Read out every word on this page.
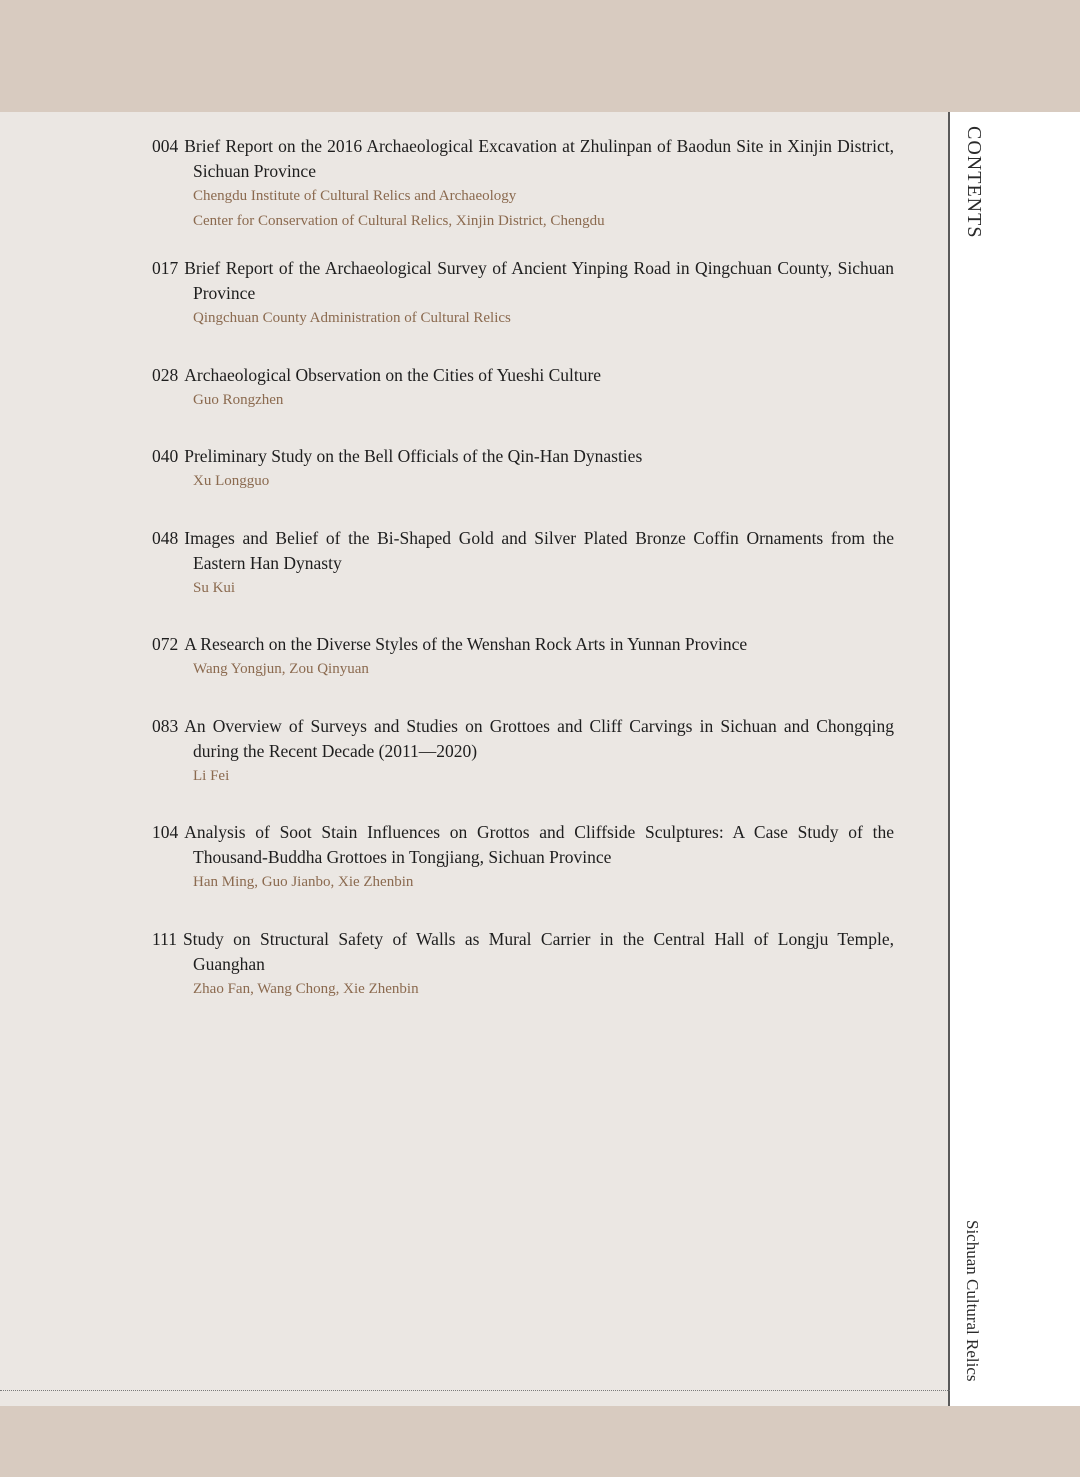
CONTENTS
Sichuan Cultural Relics
004 Brief Report on the 2016 Archaeological Excavation at Zhulinpan of Baodun Site in Xinjin District, Sichuan Province
Chengdu Institute of Cultural Relics and Archaeology
Center for Conservation of Cultural Relics, Xinjin District, Chengdu
017 Brief Report of the Archaeological Survey of Ancient Yinping Road in Qingchuan County, Sichuan Province
Qingchuan County Administration of Cultural Relics
028 Archaeological Observation on the Cities of Yueshi Culture
Guo Rongzhen
040 Preliminary Study on the Bell Officials of the Qin-Han Dynasties
Xu Longguo
048 Images and Belief of the Bi-Shaped Gold and Silver Plated Bronze Coffin Ornaments from the Eastern Han Dynasty
Su Kui
072 A Research on the Diverse Styles of the Wenshan Rock Arts in Yunnan Province
Wang Yongjun, Zou Qinyuan
083 An Overview of Surveys and Studies on Grottoes and Cliff Carvings in Sichuan and Chongqing during the Recent Decade (2011—2020)
Li Fei
104 Analysis of Soot Stain Influences on Grottos and Cliffside Sculptures: A Case Study of the Thousand-Buddha Grottoes in Tongjiang, Sichuan Province
Han Ming, Guo Jianbo, Xie Zhenbin
111 Study on Structural Safety of Walls as Mural Carrier in the Central Hall of Longju Temple, Guanghan
Zhao Fan, Wang Chong, Xie Zhenbin
